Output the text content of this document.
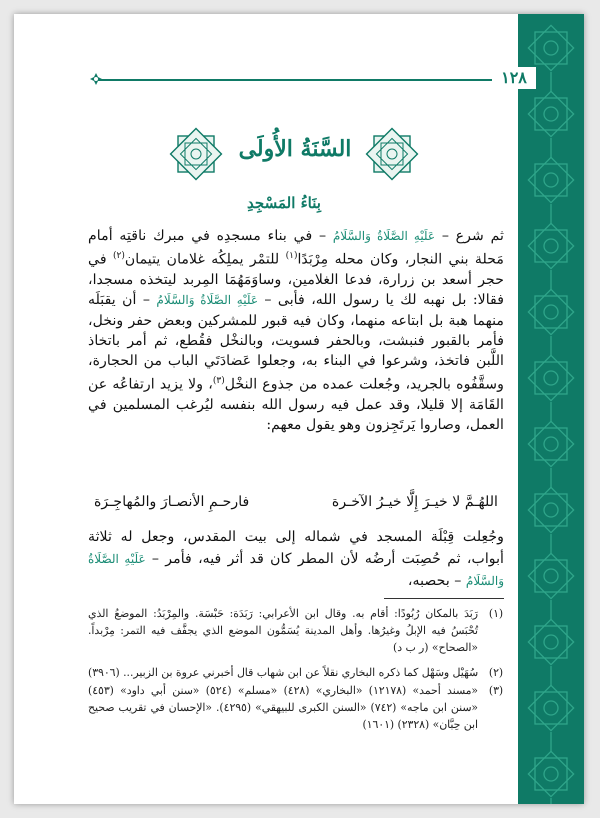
١٢٨
السَّنَةُ الأُولَى
بِنَاءُ المَسْجِدِ

ثم شرع – عَلَيْهِ الصَّلَاةُ وَالسَّلَامُ – في بناء مسجدِه في مبرك ناقتِه أمام مَحلة بني النجار، وكان محله مِرْبَدًا$^{(١)}$ للتمْر يملِكُه غلامان يتيمان$^{(٢)}$ في حجر أسعد بن زرارة، فدعا الغلامين، وساوَمَهُمَا المِربد ليتخذه مسجدا، فقالا: بل نهبه لك يا رسول الله، فأبى – عَلَيْهِ الصَّلَاةُ وَالسَّلَامُ – أن يقبَلَه منهما هبة بل ابتاعه منهما، وكان فيه قبور للمشركين وبعض حفر ونخل، فأمر بالقبور فنبشت، وبالحفر فسويت، وبالنخْل فقُطع، ثم أمر باتخاذ اللَّبن فاتخذ، وشرعوا في البناء به، وجعلوا عَضادَتَي الباب من الحجارة، وسقَّفُوه بالجريد، وجُعلت عمده من جذوع النخْل$^{(٣)}$، ولا يزيد ارتفاعُه عن القَامَة إلا قليلا، وقد عمل فيه رسول الله بنفسه ليُرغب المسلمين في العمل، وصاروا يَرتَجِزون وهو يقول معهم:

اللهُـمَّ لا خيـرَ إِلَّا خيـرُ الآخـرة
فارحـمِ الأنصـارَ والمُهاجِـرَة

وجُعِلت قِبْلَة المسجد في شماله إلى بيت المقدس، وجعل له ثلاثة أبواب، ثم حُصِبَت أرضُه لأن المطر كان قد أثر فيه، فأمر – عَلَيْهِ الصَّلَاةُ وَالسَّلَامُ – بحصبه،

(١)
رَبَدَ بالمكان رُبُودًا: أقام به. وقال ابن الأعرابي: رَبَدَة: حَبْسَة. والمِرْبَدُ: الموضعُ الذي تُحْبَسُ فيه الإبلُ وغيرُها. وأهل المدينة يُسَمُّون الموضع الذي يجفَّف فيه التمر: مِرْبداً. «الصحاح» (ر ب د)
(٢)
سُهَيْل وسَهْل كما ذكره البخاري نقلاً عن ابن شهاب قال أخبرني عروة بن الزبير... (٣٩٠٦)
(٣)
«مسند أحمد» (١٢١٧٨) «البخاري» (٤٢٨) «مسلم» (٥٢٤) «سنن أبي داود» (٤٥٣) «سنن ابن ماجه» (٧٤٢) «السنن الكبرى للبيهقي» (٤٢٩٥). «الإحسان في تقريب صحيح ابن حِبَّان» (٢٣٢٨) (١٦٠١)
